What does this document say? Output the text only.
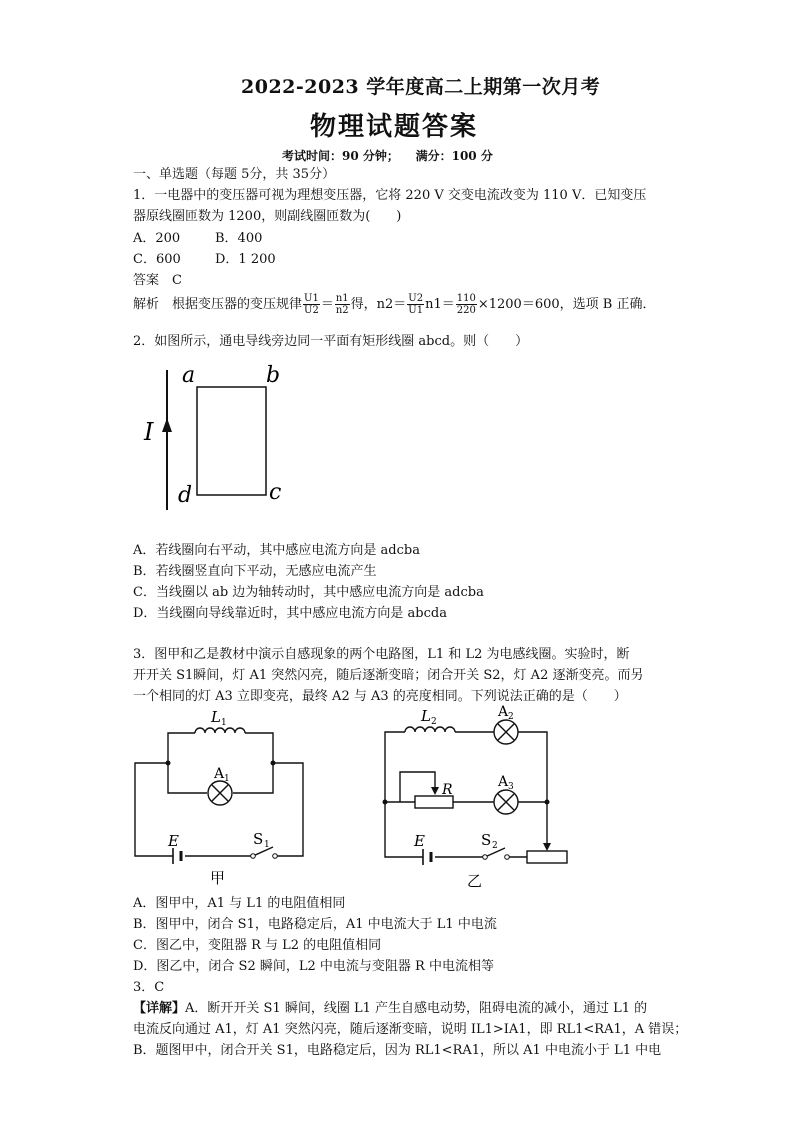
2022-2023 学年度高二上期第一次月考
物理试题答案
考试时间：90 分钟；    满分：100 分
一、单选题（每题 5分，共 35分）
1．一电器中的变压器可视为理想变压器，它将 220 V 交变电流改变为 110 V．已知变压
器原线圈匝数为 1200，则副线圈匝数为(　　)
A．200	B．400
C．600	D．1 200
答案　C
解析　根据变压器的变压规律 $\frac{U1}{U2} = \frac{n1}{n2}$ 得，$n2= \frac{U2}{U1} n1= \frac{110}{220} \times 1200=600$，选项 B 正确．
2．如图所示，通电导线旁边同一平面有矩形线圈 abcd。则（　　）
a	b
c
d
I
A．若线圈向右平动，其中感应电流方向是 adcba
B．若线圈竖直向下平动，无感应电流产生
C．当线圈以 ab 边为轴转动时，其中感应电流方向是 adcba
D．当线圈向导线靠近时，其中感应电流方向是 abcda
3．图甲和乙是教材中演示自感现象的两个电路图，L1 和 L2 为电感线圈。实验时，断
开开关 S1瞬间，灯 A1 突然闪亮，随后逐渐变暗；闭合开关 S2，灯 A2 逐渐变亮。而另
一个相同的灯 A3 立即变亮，最终 A2 与 A3 的亮度相同。下列说法正确的是（　　）
L 1
A 1
E	S 1
甲
L 2
A 2
R	A 3
E	S 2
乙
A．图甲中，A1 与 L1 的电阻值相同
B．图甲中，闭合 S1，电路稳定后，A1 中电流大于 L1 中电流
C．图乙中，变阻器 R 与 L2 的电阻值相同
D．图乙中，闭合 S2 瞬间，L2 中电流与变阻器 R 中电流相等
3．C
【详解】A．断开开关 S1 瞬间，线圈 L1 产生自感电动势，阻碍电流的减小，通过 L1 的
电流反向通过 A1，灯 A1 突然闪亮，随后逐渐变暗，说明 IL1>IA1，即 RL1<RA1，A 错误；
B．题图甲中，闭合开关 S1，电路稳定后，因为 RL1<RA1，所以 A1 中电流小于 L1 中电
